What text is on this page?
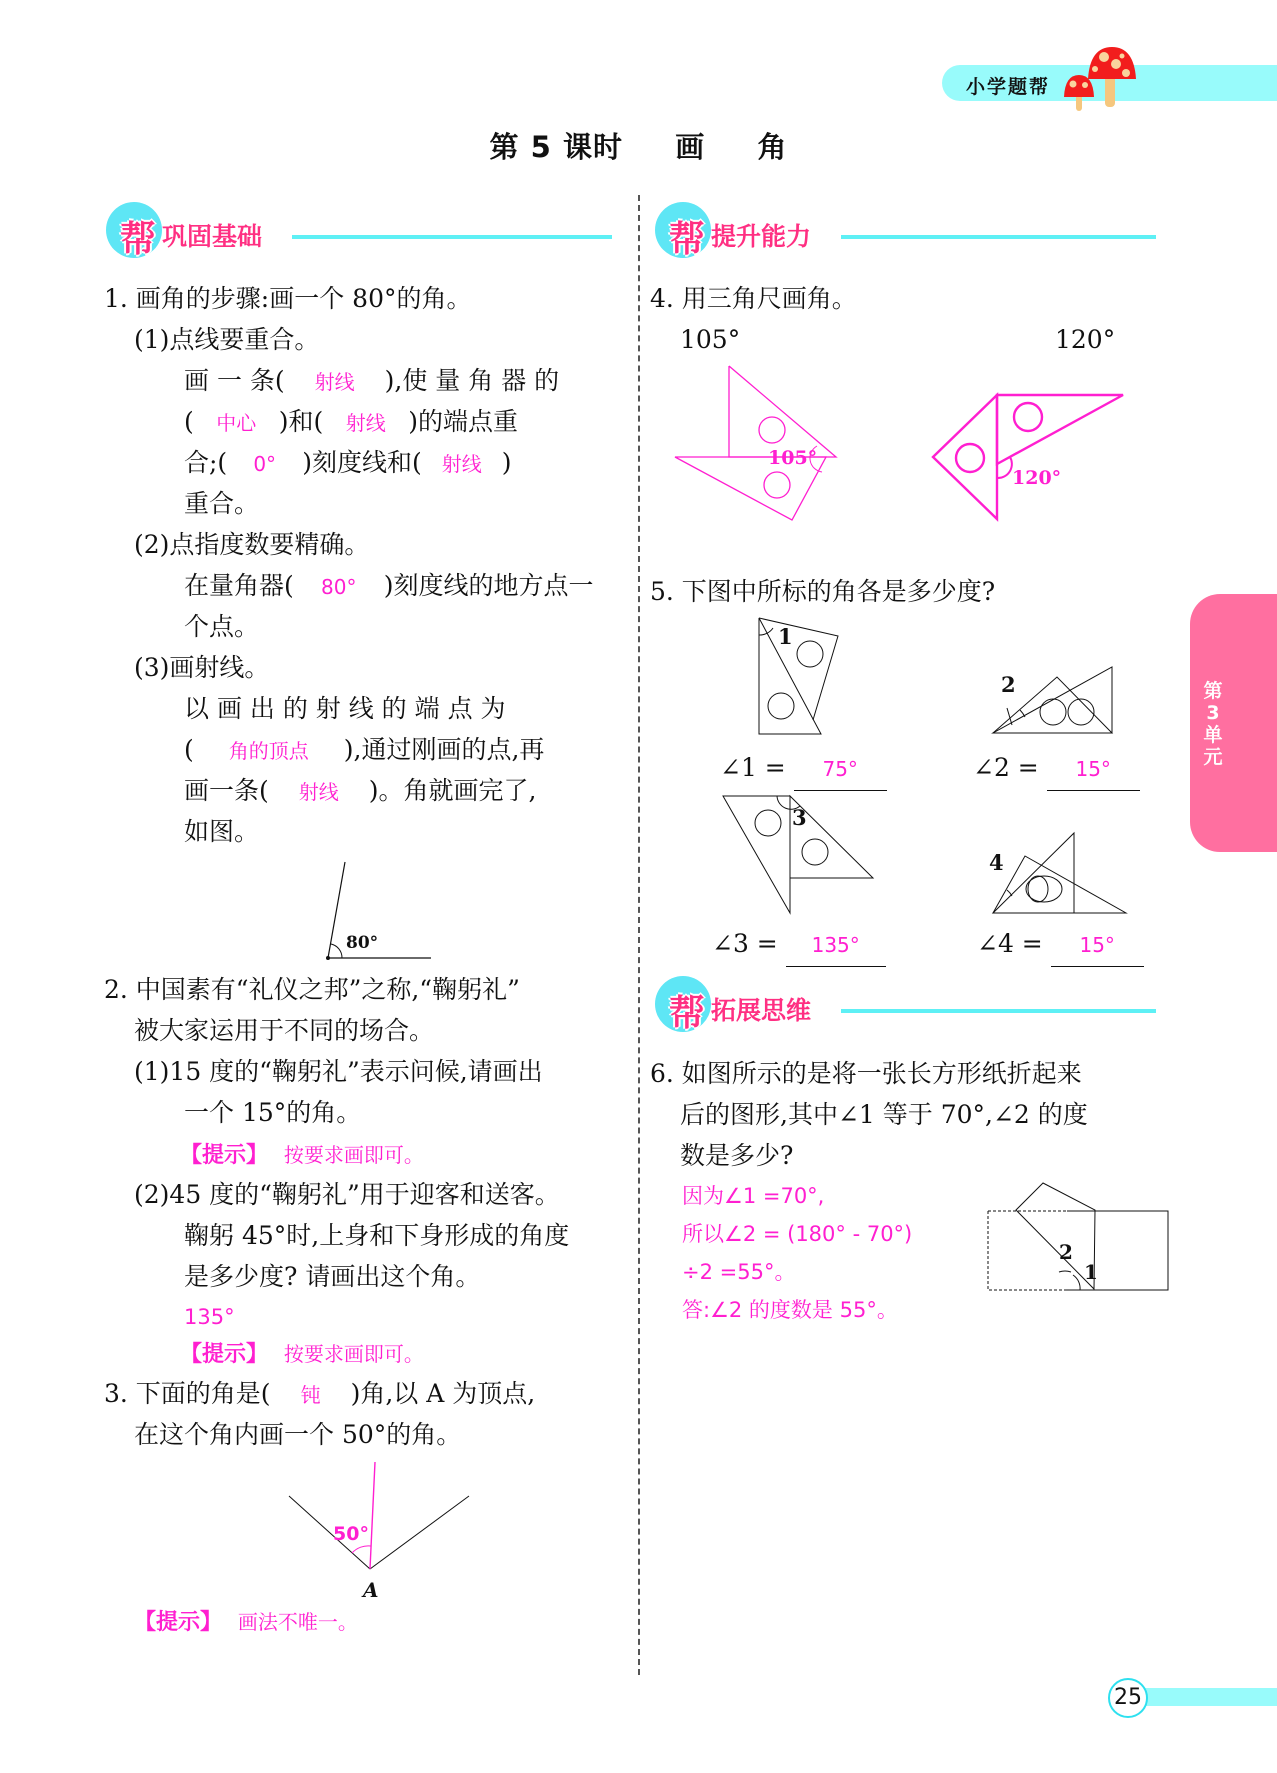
小学题帮
第 5 课时 画 角
帮 巩固基础
1. 画角的步骤:画一个 80°的角。
(1)点线要重合。
画 一 条( 射线 ),使 量 角 器 的
( 中心 )和( 射线 )的端点重
合;( 0° )刻度线和( 射线 )
重合。
(2)点指度数要精确。
在量角器( 80° )刻度线的地方点一
个点。
(3)画射线。
以 画 出 的 射 线 的 端 点 为
( 角的顶点 ),通过刚画的点,再
画一条( 射线 )。角就画完了,
如图。
80°
2. 中国素有“礼仪之邦”之称,“鞠躬礼”
被大家运用于不同的场合。
(1)15 度的“鞠躬礼”表示问候,请画出
一个 15°的角。
【提示】 按要求画即可。
(2)45 度的“鞠躬礼”用于迎客和送客。
鞠躬 45°时,上身和下身形成的角度
是多少度? 请画出这个角。
135°
【提示】 按要求画即可。
3. 下面的角是( 钝 )角,以 A 为顶点,
在这个角内画一个 50°的角。
50°
A
【提示】 画法不唯一。
帮 提升能力
4. 用三角尺画角。
105°	120°
105°
120°
5. 下图中所标的角各是多少度?
1
2
∠1 = 75°	∠2 = 15°
3
4
∠3 = 135°	∠4 = 15°
帮 拓展思维
6. 如图所示的是将一张长方形纸折起来
后的图形,其中∠1 等于 70°,∠2 的度
数是多少?
因为∠1 =70°,
所以∠2 = (180° - 70°)
÷2 =55°。
答:∠2 的度数是 55°。
2
1
第
3
单
元
25
